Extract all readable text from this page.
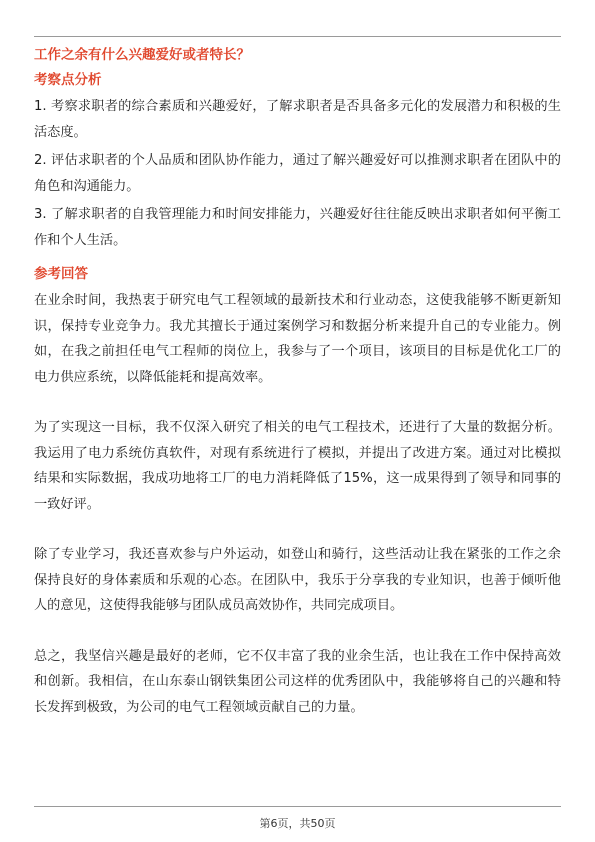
工作之余有什么兴趣爱好或者特长？

考察点分析

1. 考察求职者的综合素质和兴趣爱好，了解求职者是否具备多元化的发展潜力和积极的生活态度。

2. 评估求职者的个人品质和团队协作能力，通过了解兴趣爱好可以推测求职者在团队中的角色和沟通能力。

3. 了解求职者的自我管理能力和时间安排能力，兴趣爱好往往能反映出求职者如何平衡工作和个人生活。

参考回答

在业余时间，我热衷于研究电气工程领域的最新技术和行业动态，这使我能够不断更新知识，保持专业竞争力。我尤其擅长于通过案例学习和数据分析来提升自己的专业能力。例如，在我之前担任电气工程师的岗位上，我参与了一个项目，该项目的目标是优化工厂的电力供应系统，以降低能耗和提高效率。

为了实现这一目标，我不仅深入研究了相关的电气工程技术，还进行了大量的数据分析。我运用了电力系统仿真软件，对现有系统进行了模拟，并提出了改进方案。通过对比模拟结果和实际数据，我成功地将工厂的电力消耗降低了15%，这一成果得到了领导和同事的一致好评。

除了专业学习，我还喜欢参与户外运动，如登山和骑行，这些活动让我在紧张的工作之余保持良好的身体素质和乐观的心态。在团队中，我乐于分享我的专业知识，也善于倾听他人的意见，这使得我能够与团队成员高效协作，共同完成项目。

总之，我坚信兴趣是最好的老师，它不仅丰富了我的业余生活，也让我在工作中保持高效和创新。我相信，在山东泰山钢铁集团公司这样的优秀团队中，我能够将自己的兴趣和特长发挥到极致，为公司的电气工程领域贡献自己的力量。

第6页，共50页
